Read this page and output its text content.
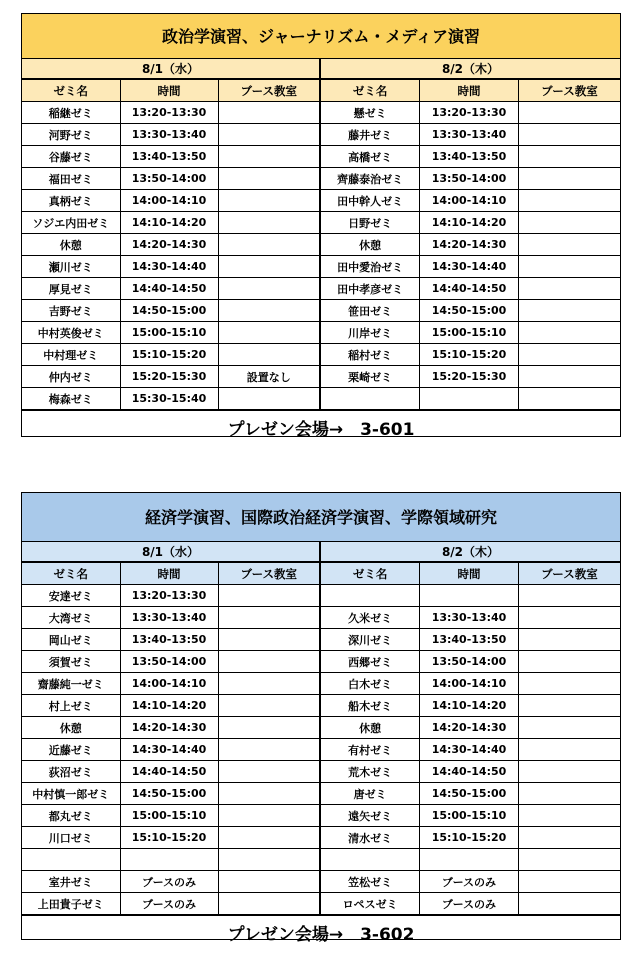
政治学演習、ジャーナリズム・メディア演習
8/1（水）
ゼミ名	時間	ブース教室
稲継ゼミ	13:20-13:30	
河野ゼミ	13:30-13:40	
谷藤ゼミ	13:40-13:50	
福田ゼミ	13:50-14:00	
真柄ゼミ	14:00-14:10	
ソジエ内田ゼミ	14:10-14:20	
休憩	14:20-14:30	
瀬川ゼミ	14:30-14:40	
厚見ゼミ	14:40-14:50	
吉野ゼミ	14:50-15:00	
中村英俊ゼミ	15:00-15:10	
中村理ゼミ	15:10-15:20	
仲内ゼミ	15:20-15:30	設置なし
梅森ゼミ	15:30-15:40	
8/2（木）
ゼミ名	時間	ブース教室
懸ゼミ	13:20-13:30	
藤井ゼミ	13:30-13:40	
高橋ゼミ	13:40-13:50	
齊藤泰治ゼミ	13:50-14:00	
田中幹人ゼミ	14:00-14:10	
日野ゼミ	14:10-14:20	
休憩	14:20-14:30	
田中愛治ゼミ	14:30-14:40	
田中孝彦ゼミ	14:40-14:50	
笹田ゼミ	14:50-15:00	
川岸ゼミ	15:00-15:10	
稲村ゼミ	15:10-15:20	
栗崎ゼミ	15:20-15:30	

プレゼン会場→　3-601
経済学演習、国際政治経済学演習、学際領域研究
8/1（水）
ゼミ名	時間	ブース教室
安達ゼミ	13:20-13:30	
大湾ゼミ	13:30-13:40	
岡山ゼミ	13:40-13:50	
須賀ゼミ	13:50-14:00	
齋藤純一ゼミ	14:00-14:10	
村上ゼミ	14:10-14:20	
休憩	14:20-14:30	
近藤ゼミ	14:30-14:40	
荻沼ゼミ	14:40-14:50	
中村慎一郎ゼミ	14:50-15:00	
都丸ゼミ	15:00-15:10	
川口ゼミ	15:10-15:20	

室井ゼミ	ブースのみ	
上田貴子ゼミ	ブースのみ	
8/2（木）
ゼミ名	時間	ブース教室

久米ゼミ	13:30-13:40	
深川ゼミ	13:40-13:50	
西郷ゼミ	13:50-14:00	
白木ゼミ	14:00-14:10	
船木ゼミ	14:10-14:20	
休憩	14:20-14:30	
有村ゼミ	14:30-14:40	
荒木ゼミ	14:40-14:50	
唐ゼミ	14:50-15:00	
遠矢ゼミ	15:00-15:10	
清水ゼミ	15:10-15:20	

笠松ゼミ	ブースのみ	
ロペスゼミ	ブースのみ	
プレゼン会場→　3-602
